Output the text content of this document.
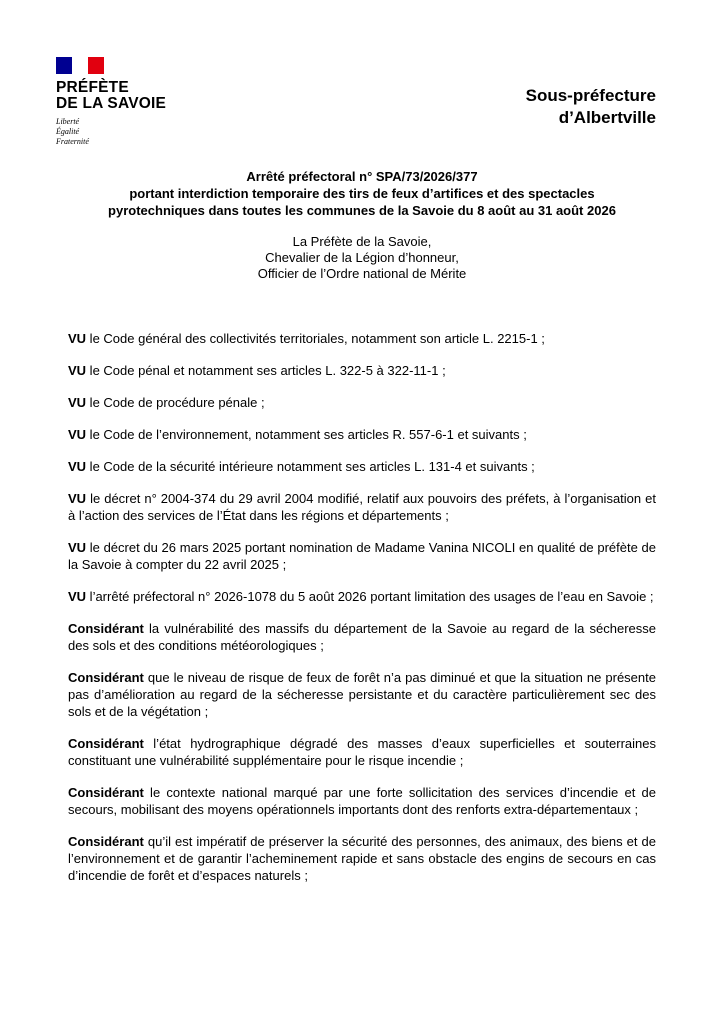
PRÉFÈTE
DE LA SAVOIE
Liberté
Égalité
Fraternité
Sous-préfecture
d’Albertville
Arrêté préfectoral n° SPA/73/2026/377
portant interdiction temporaire des tirs de feux d’artifices et des spectacles
pyrotechniques dans toutes les communes de la Savoie du 8 août au 31 août 2026
La Préfète de la Savoie,
Chevalier de la Légion d’honneur,
Officier de l’Ordre national de Mérite

VU le Code général des collectivités territoriales, notamment son article L. 2215-1 ;

VU le Code pénal et notamment ses articles L. 322-5 à 322-11-1 ;

VU le Code de procédure pénale ;

VU le Code de l’environnement, notamment ses articles R. 557-6-1 et suivants ;

VU le Code de la sécurité intérieure notamment ses articles L. 131-4 et suivants ;

VU le décret n° 2004-374 du 29 avril 2004 modifié, relatif aux pouvoirs des préfets, à l’organisation et à l’action des services de l’État dans les régions et départements ;

VU le décret du 26 mars 2025 portant nomination de Madame Vanina NICOLI en qualité de préfète de la Savoie à compter du 22 avril 2025 ;

VU l’arrêté préfectoral n° 2026-1078 du 5 août 2026 portant limitation des usages de l’eau en Savoie ;

Considérant la vulnérabilité des massifs du département de la Savoie au regard de la sécheresse des sols et des conditions météorologiques ;

Considérant que le niveau de risque de feux de forêt n’a pas diminué et que la situation ne présente pas d’amélioration au regard de la sécheresse persistante et du caractère particulièrement sec des sols et de la végétation ;

Considérant l’état hydrographique dégradé des masses d’eaux superficielles et souterraines constituant une vulnérabilité supplémentaire pour le risque incendie ;

Considérant le contexte national marqué par une forte sollicitation des services d’incendie et de secours, mobilisant des moyens opérationnels importants dont des renforts extra-départementaux ;

Considérant qu’il est impératif de préserver la sécurité des personnes, des animaux, des biens et de l’environnement et de garantir l’acheminement rapide et sans obstacle des engins de secours en cas d’incendie de forêt et d’espaces naturels ;
